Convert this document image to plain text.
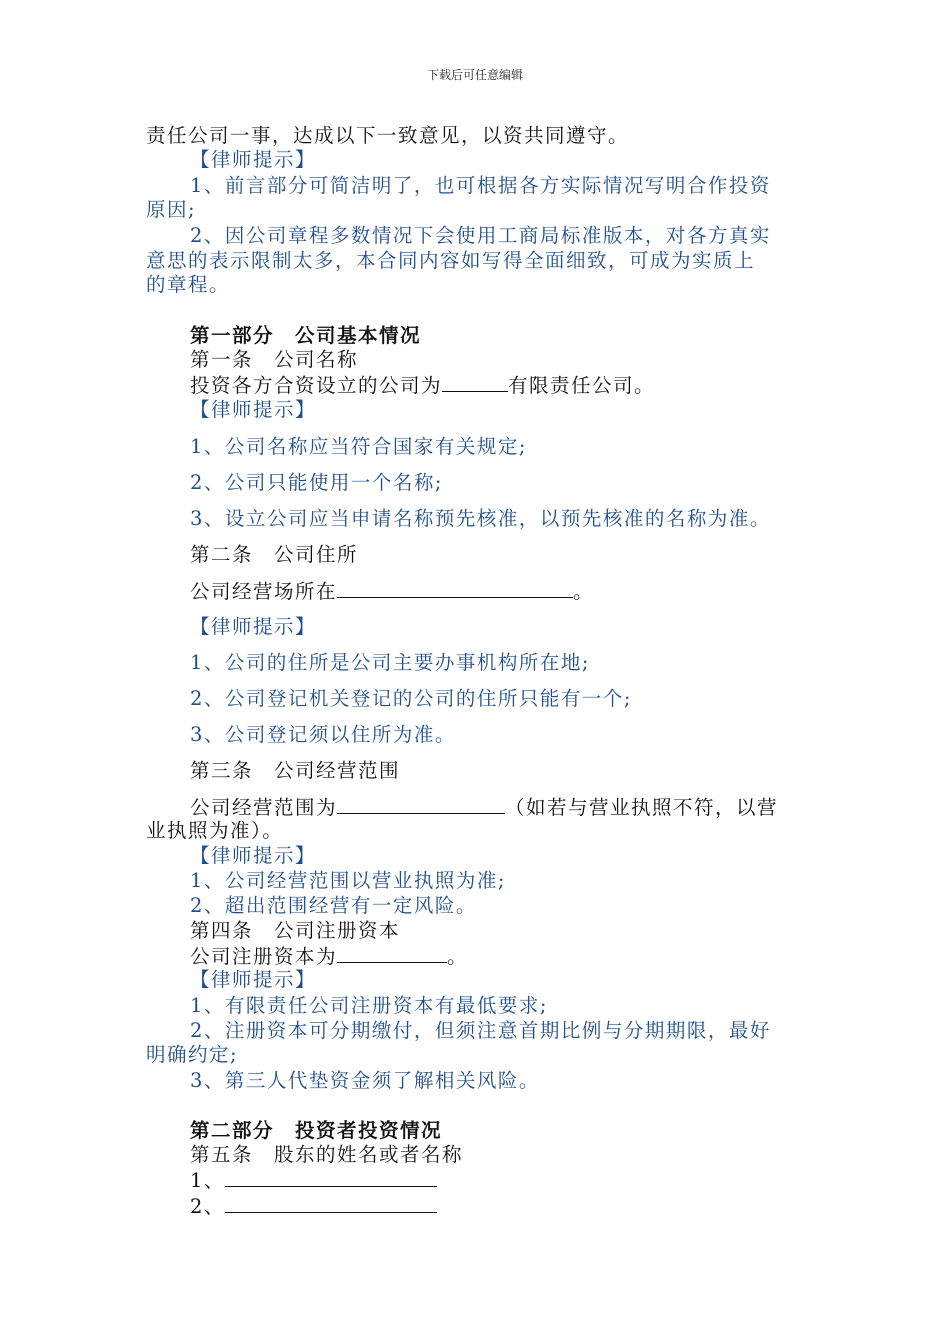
下载后可任意编辑
责任公司一事，达成以下一致意见，以资共同遵守。
【律师提示】
1、前言部分可简洁明了，也可根据各方实际情况写明合作投资
原因;
2、因公司章程多数情况下会使用工商局标准版本，对各方真实
意思的表示限制太多，本合同内容如写得全面细致，可成为实质上
的章程。
第一部分　公司基本情况
第一条　公司名称
投资各方合资设立的公司为	有限责任公司。
【律师提示】
1、公司名称应当符合国家有关规定;
2、公司只能使用一个名称;
3、设立公司应当申请名称预先核准，以预先核准的名称为准。
第二条　公司住所
公司经营场所在	。
【律师提示】
1、公司的住所是公司主要办事机构所在地;
2、公司登记机关登记的公司的住所只能有一个;
3、公司登记须以住所为准。
第三条　公司经营范围
公司经营范围为	（如若与营业执照不符，以营
业执照为准）。
【律师提示】
1、公司经营范围以营业执照为准;
2、超出范围经营有一定风险。
第四条　公司注册资本
公司注册资本为	。
【律师提示】
1、有限责任公司注册资本有最低要求;
2、注册资本可分期缴付，但须注意首期比例与分期期限，最好
明确约定;
3、第三人代垫资金须了解相关风险。
第二部分　投资者投资情况
第五条　股东的姓名或者名称
1、
2、
